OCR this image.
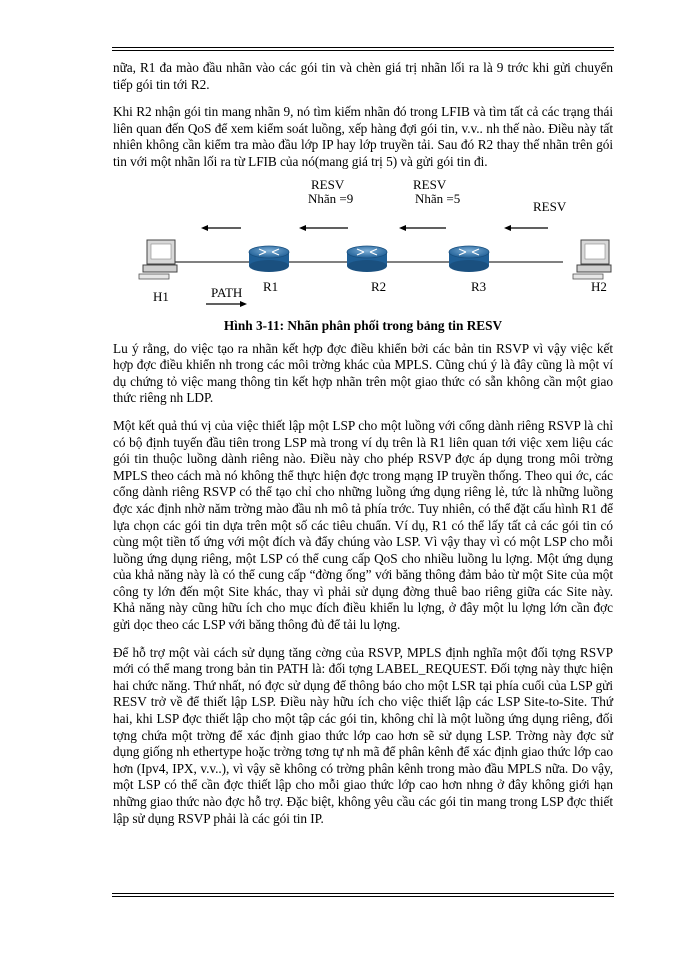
nữa, R1 đa mào đầu nhãn vào các gói tin và chèn giá trị nhãn lối ra là 9 trớc khi gửi chuyển tiếp gói tin tới R2.

Khi R2 nhận gói tin mang nhãn 9, nó tìm kiếm nhãn đó trong LFIB và tìm tất cả các trạng thái liên quan đến QoS để xem kiểm soát luồng, xếp hàng đợi gói tin, v.v.. nh thế nào. Điều này tất nhiên không cần kiểm tra mào đầu lớp IP hay lớp truyền tải. Sau đó R2 thay thế nhãn trên gói tin với một nhãn lối ra từ LFIB của nó(mang giá trị 5) và gửi gói tin đi.

RESV
Nhãn =9
RESV
Nhãn =5
RESV
H1	PATH R1	R2	R3	H2
Hình 3-11: Nhãn phân phối trong bảng tin RESV

Lu ý rằng, do việc tạo ra nhãn kết hợp đợc điều khiển bởi các bản tin RSVP vì vậy việc kết hợp đợc điều khiển nh trong các môi trờng khác của MPLS. Cũng chú ý là đây cũng là một ví dụ chứng tỏ việc mang thông tin kết hợp nhãn trên một giao thức có sẵn không cần một giao thức riêng nh LDP.

Một kết quả thú vị của việc thiết lập một LSP cho một luồng với cổng dành riêng RSVP là chỉ có bộ định tuyến đầu tiên trong LSP mà trong ví dụ trên là R1 liên quan tới việc xem liệu các gói tin thuộc luồng dành riêng nào. Điều này cho phép RSVP đợc áp dụng trong môi trờng MPLS theo cách mà nó không thể thực hiện đợc trong mạng IP truyền thống. Theo qui ớc, các cổng dành riêng RSVP có thể tạo chỉ cho những luồng ứng dụng riêng lẻ, tức là những luồng đợc xác định nhờ năm trờng mào đầu nh mô tả phía trớc. Tuy nhiên, có thể đặt cấu hình R1 để lựa chọn các gói tin dựa trên một số các tiêu chuẩn. Ví dụ, R1 có thể lấy tất cả các gói tin có cùng một tiền tố ứng với một đích và đẩy chúng vào LSP. Vì vậy thay vì có một LSP cho mỗi luồng ứng dụng riêng, một LSP có thể cung cấp QoS cho nhiều luồng lu lợng. Một ứng dụng của khả năng này là có thể cung cấp “đờng ống” với băng thông đảm bảo từ một Site của một công ty lớn đến một Site khác, thay vì phải sử dụng đờng thuê bao riêng giữa các Site này. Khả năng này cũng hữu ích cho mục đích điều khiển lu lợng, ở đây một lu lợng lớn cần đợc gửi dọc theo các LSP với băng thông đủ để tải lu lợng.

Để hỗ trợ một vài cách sử dụng tăng cờng của RSVP, MPLS định nghĩa một đối tợng RSVP mới có thể mang trong bản tin PATH là: đối tợng LABEL_REQUEST. Đối tợng này thực hiện hai chức năng. Thứ nhất, nó đợc sử dụng để thông báo cho một LSR tại phía cuối của LSP gửi RESV trở về để thiết lập LSP. Điều này hữu ích cho việc thiết lập các LSP Site-to-Site. Thứ hai, khi LSP đợc thiết lập cho một tập các gói tin, không chỉ là một luồng ứng dụng riêng, đối tợng chứa một trờng để xác định giao thức lớp cao hơn sẽ sử dụng LSP. Trờng này đợc sử dụng giống nh ethertype hoặc trờng tơng tự nh mã để phân kênh để xác định giao thức lớp cao hơn (Ipv4, IPX, v.v..), vì vậy sẽ không có trờng phân kênh trong mào đầu MPLS nữa. Do vậy, một LSP có thể cần đợc thiết lập cho mỗi giao thức lớp cao hơn nhng ở đây không giới hạn những giao thức nào đợc hỗ trợ. Đặc biệt, không yêu cầu các gói tin mang trong LSP đợc thiết lập sử dụng RSVP phải là các gói tin IP.
